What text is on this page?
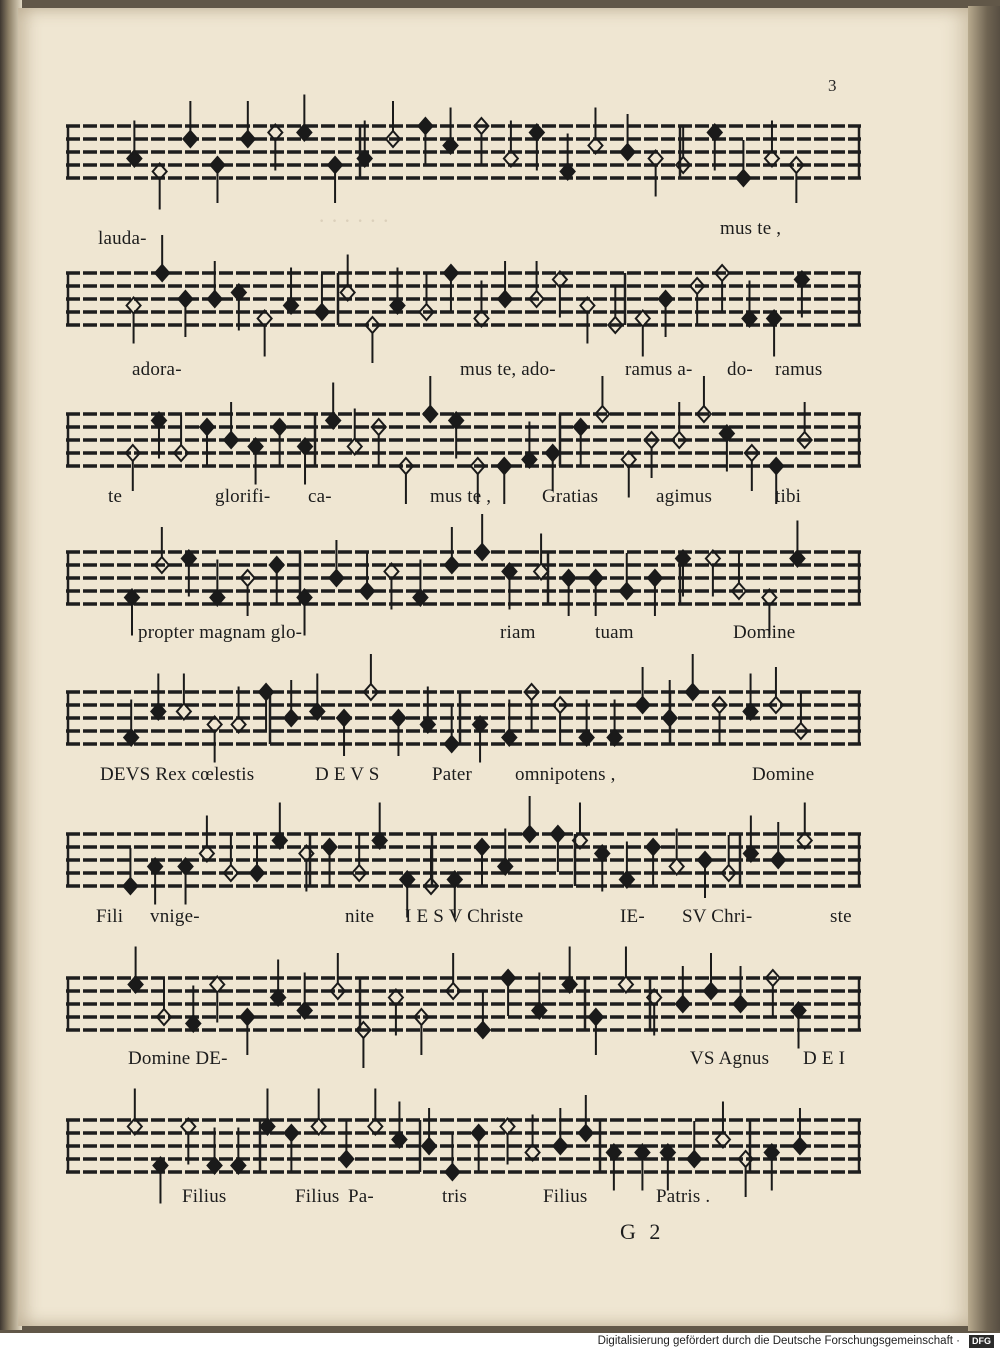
· · · · · ·
3
lauda-	mus te ,
adora-	mus te, ado-	ramus a- do- ramus
te	glorifi- ca-	mus te ,	Gratias	agimus	tibi
propter magnam glo-	riam	tuam	Domine
DEVS Rex cœlestis	D E V S	Pater omnipotens ,	Domine
Fili vnige-	nite I E S V Christe	IE- SV Chri-	ste
Domine DE-	VS Agnus D E I
Filius	Filius Pa-	tris	Filius	Patris .
G 2
Digitalisierung gefördert durch die Deutsche Forschungsgemeinschaft ·	DFG
